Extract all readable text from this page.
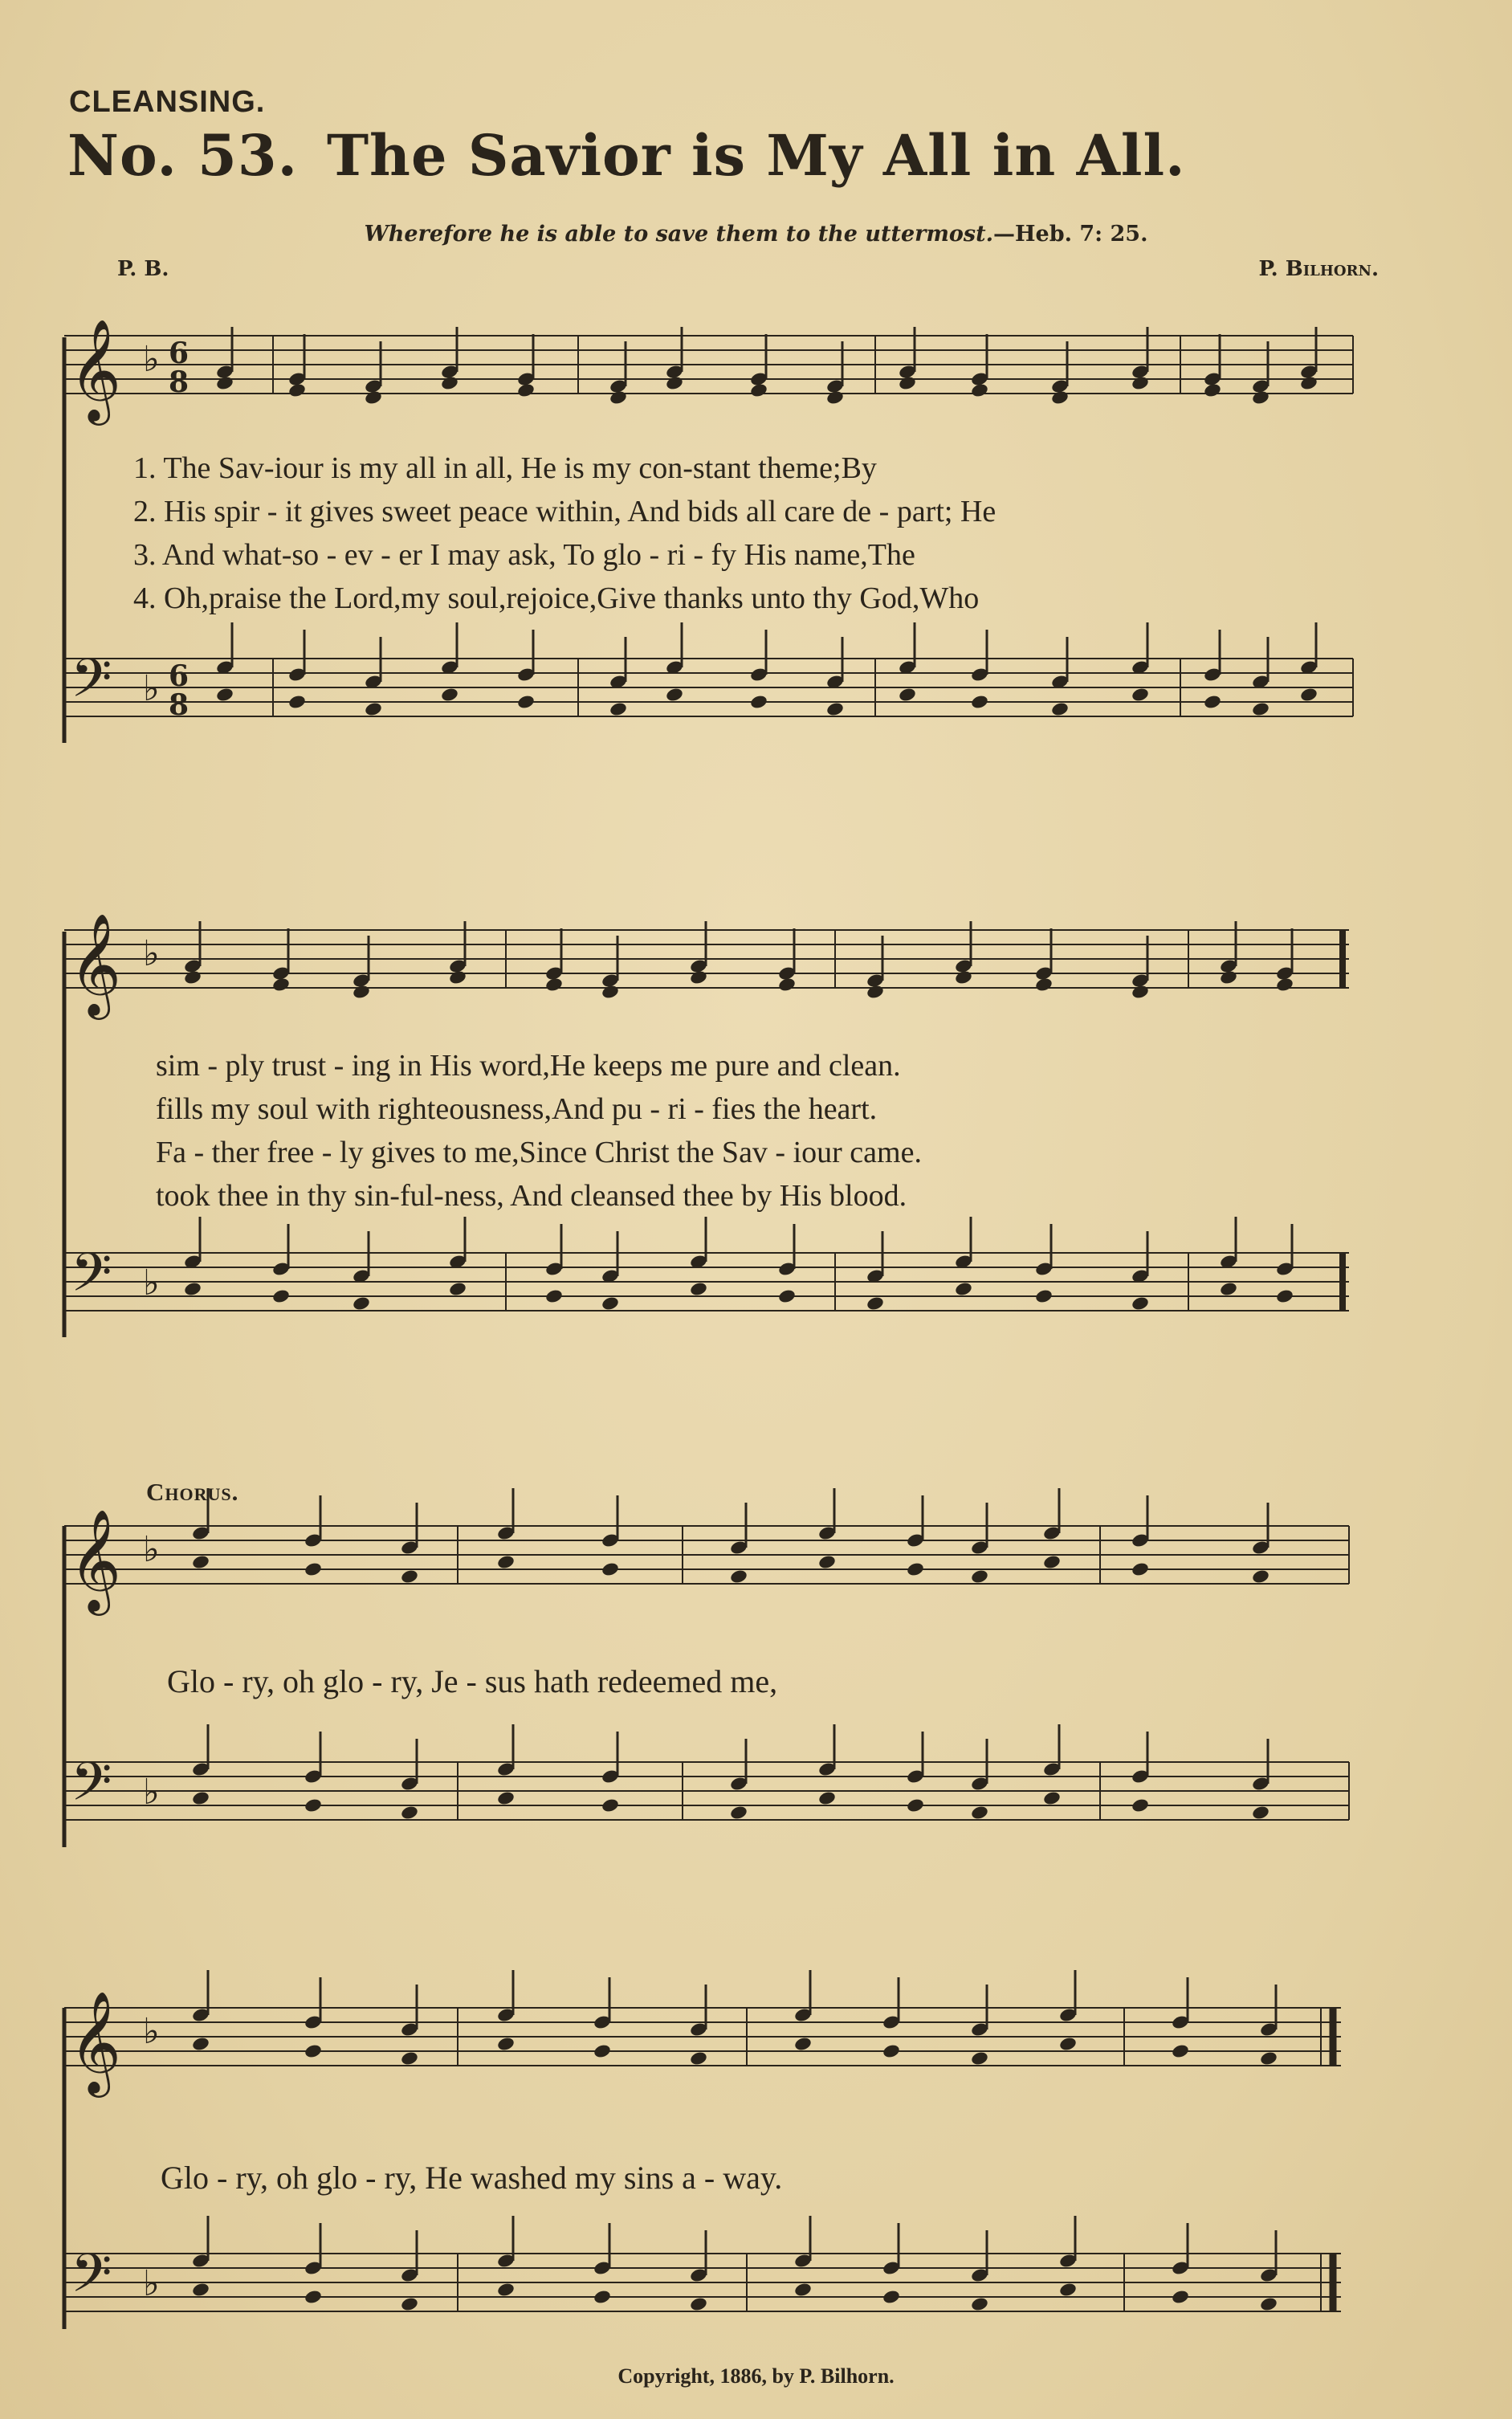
CLEANSING.
No. 53. The Savior is My All in All.
Wherefore he is able to save them to the uttermost.—Heb. 7: 25.
P. B.	P. Bilhorn.
𝄞
𝄢
♭
♭
6
8
6
8
1. The Sav-iour is my all in all, He is my con-stant theme;By
2. His spir - it gives sweet peace within, And bids all care de - part; He
3. And what-so - ev - er I may ask, To glo - ri - fy His name,The
4. Oh,praise the Lord,my soul,rejoice,Give thanks unto thy God,Who
𝄞
𝄢
♭
♭
sim - ply trust - ing in His word,He keeps me pure and clean.
fills my soul with righteousness,And pu - ri - fies the heart.
Fa - ther free - ly gives to me,Since Christ the Sav - iour came.
took thee in thy sin-ful-ness, And cleansed thee by His blood.
Chorus.
𝄞
𝄢
♭
♭
Glo - ry, oh glo - ry, Je - sus hath redeemed me,
𝄞
𝄢
♭
♭
Glo - ry, oh glo - ry, He washed my sins a - way.
Copyright, 1886, by P. Bilhorn.
